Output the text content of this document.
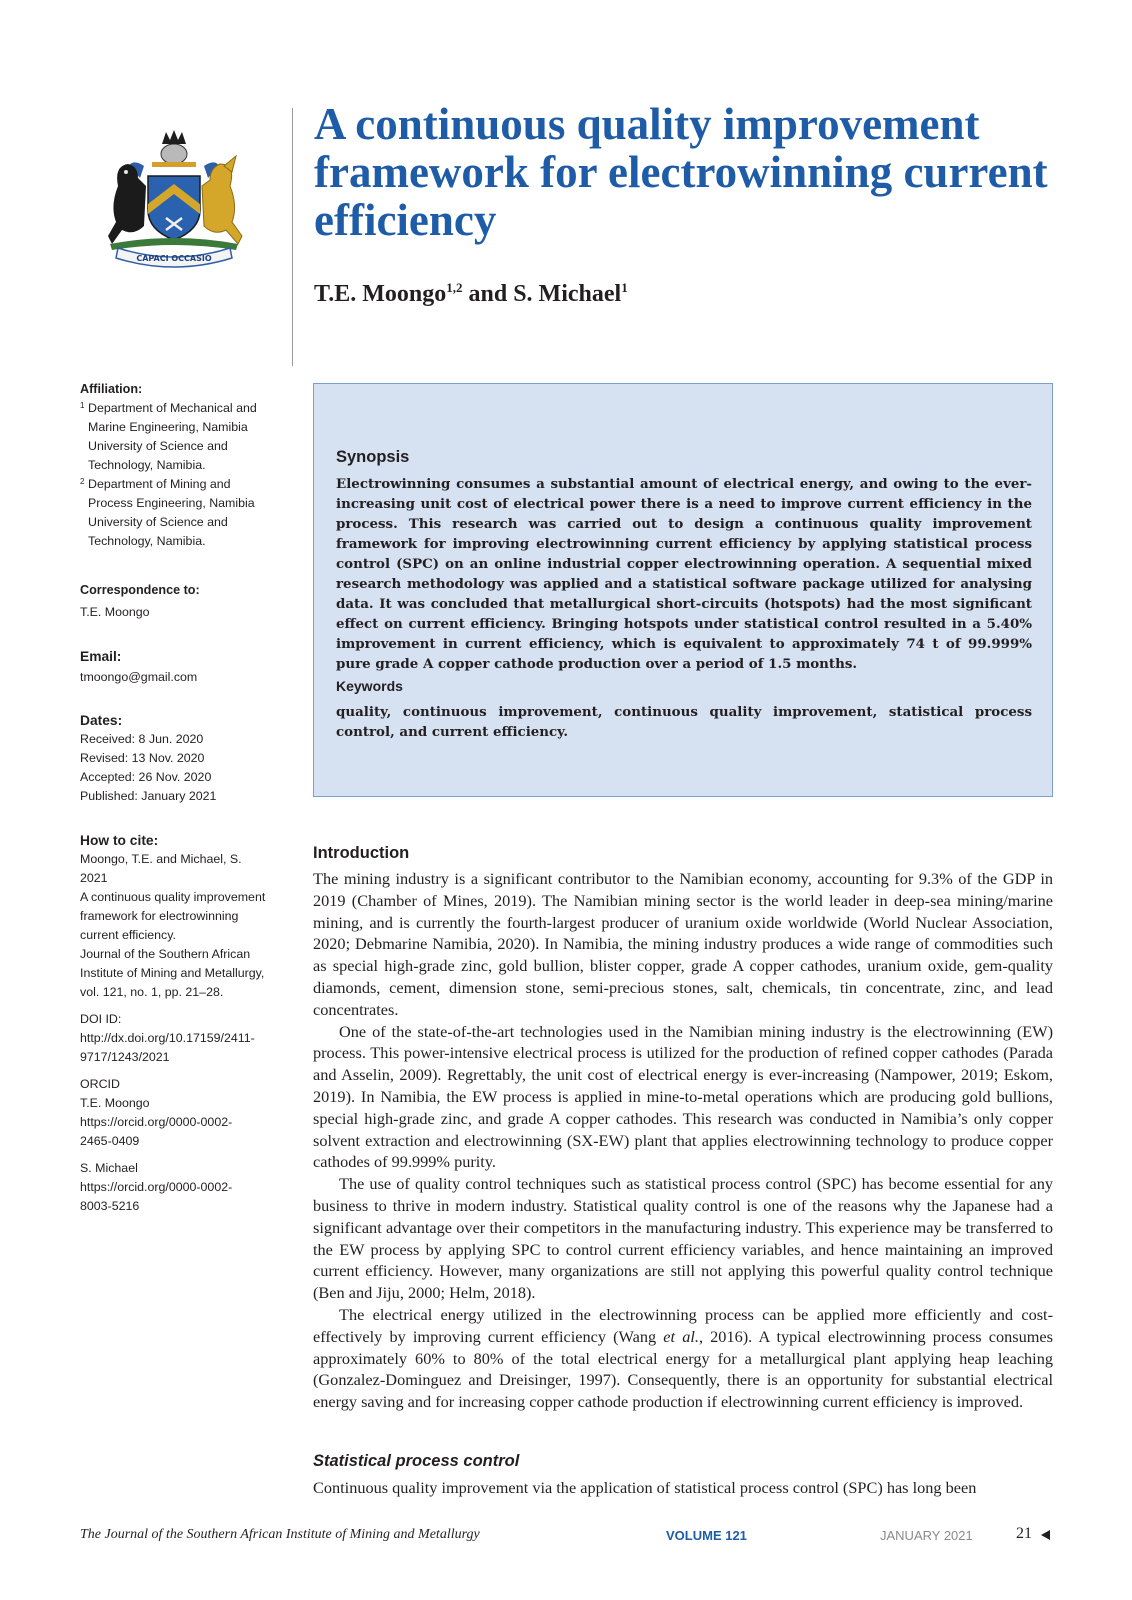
CAPACI OCCASIO
A continuous quality improvement framework for electrowinning current efficiency

T.E. Moongo$^{1,2}$ and S. Michael$^1$

Affiliation:

1 Department of Mechanical and

Marine Engineering, Namibia

University of Science and

Technology, Namibia.

2 Department of Mining and

Process Engineering, Namibia

University of Science and

Technology, Namibia.

Correspondence to:

T.E. Moongo

Email:

tmoongo@gmail.com

Dates:

Received: 8 Jun. 2020

Revised: 13 Nov. 2020

Accepted: 26 Nov. 2020

Published: January 2021

How to cite:

Moongo, T.E. and Michael, S.

2021

A continuous quality improvement

framework for electrowinning

current efficiency.

Journal of the Southern African

Institute of Mining and Metallurgy,

vol. 121, no. 1, pp. 21–28.

DOI ID:

http://dx.doi.org/10.17159/2411-

9717/1243/2021

ORCID

T.E. Moongo

https://orcid.org/0000-0002-

2465-0409

S. Michael

https://orcid.org/0000-0002-

8003-5216

Synopsis

Electrowinning consumes a substantial amount of electrical energy, and owing to the ever-increasing unit cost of electrical power there is a need to improve current efficiency in the process. This research was carried out to design a continuous quality improvement framework for improving electrowinning current efficiency by applying statistical process control (SPC) on an online industrial copper electrowinning operation. A sequential mixed research methodology was applied and a statistical software package utilized for analysing data. It was concluded that metallurgical short-circuits (hotspots) had the most significant effect on current efficiency. Bringing hotspots under statistical control resulted in a 5.40% improvement in current efficiency, which is equivalent to approximately 74 t of 99.999% pure grade A copper cathode production over a period of 1.5 months.

Keywords

quality, continuous improvement, continuous quality improvement, statistical process control, and current efficiency.

Introduction

The mining industry is a significant contributor to the Namibian economy, accounting for 9.3% of the GDP in 2019 (Chamber of Mines, 2019). The Namibian mining sector is the world leader in deep-sea mining/marine mining, and is currently the fourth-largest producer of uranium oxide worldwide (World Nuclear Association, 2020; Debmarine Namibia, 2020). In Namibia, the mining industry produces a wide range of commodities such as special high-grade zinc, gold bullion, blister copper, grade A copper cathodes, uranium oxide, gem-quality diamonds, cement, dimension stone, semi-precious stones, salt, chemicals, tin concentrate, zinc, and lead concentrates.

One of the state-of-the-art technologies used in the Namibian mining industry is the electrowinning (EW) process. This power-intensive electrical process is utilized for the production of refined copper cathodes (Parada and Asselin, 2009). Regrettably, the unit cost of electrical energy is ever-increasing (Nampower, 2019; Eskom, 2019). In Namibia, the EW process is applied in mine-to-metal operations which are producing gold bullions, special high-grade zinc, and grade A copper cathodes. This research was conducted in Namibia’s only copper solvent extraction and electrowinning (SX-EW) plant that applies electrowinning technology to produce copper cathodes of 99.999% purity.

The use of quality control techniques such as statistical process control (SPC) has become essential for any business to thrive in modern industry. Statistical quality control is one of the reasons why the Japanese had a significant advantage over their competitors in the manufacturing industry. This experience may be transferred to the EW process by applying SPC to control current efficiency variables, and hence maintaining an improved current efficiency. However, many organizations are still not applying this powerful quality control technique (Ben and Jiju, 2000; Helm, 2018).

The electrical energy utilized in the electrowinning process can be applied more efficiently and cost-effectively by improving current efficiency (Wang et al., 2016). A typical electrowinning process consumes approximately 60% to 80% of the total electrical energy for a metallurgical plant applying heap leaching (Gonzalez-Dominguez and Dreisinger, 1997). Consequently, there is an opportunity for substantial electrical energy saving and for increasing copper cathode production if electrowinning current efficiency is improved.

Statistical process control

Continuous quality improvement via the application of statistical process control (SPC) has long been

The Journal of the Southern African Institute of Mining and Metallurgy	VOLUME 121	JANUARY 2021	21
